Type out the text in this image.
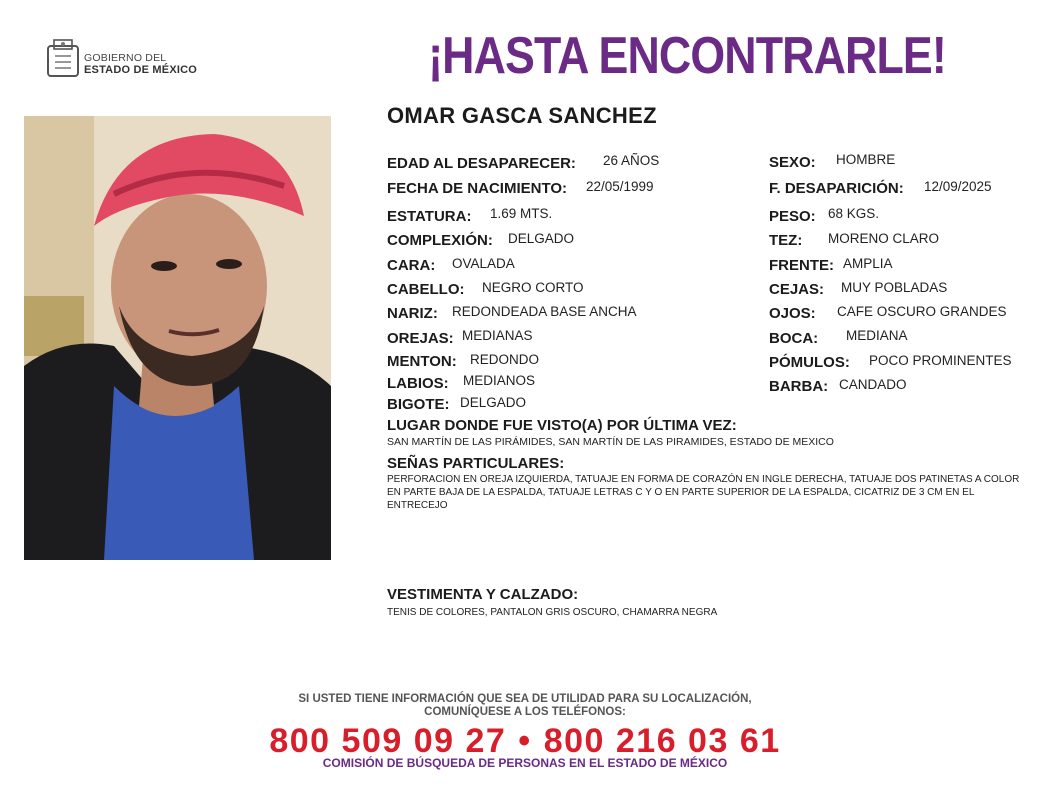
GOBIERNO DEL
ESTADO DE MÉXICO	¡HASTA ENCONTRARLE!
OMAR GASCA SANCHEZ
EDAD AL DESAPARECER: 26 AÑOS
FECHA DE NACIMIENTO: 22/05/1999
ESTATURA: 1.69 MTS.
COMPLEXIÓN: DELGADO
CARA: OVALADA
CABELLO: NEGRO CORTO
NARIZ: REDONDEADA BASE ANCHA
OREJAS: MEDIANAS
MENTON: REDONDO
LABIOS: MEDIANOS
BIGOTE: DELGADO
SEXO: HOMBRE
F. DESAPARICIÓN: 12/09/2025
PESO: 68 KGS.
TEZ: MORENO CLARO
FRENTE: AMPLIA
CEJAS: MUY POBLADAS
OJOS: CAFE OSCURO GRANDES
BOCA: MEDIANA
PÓMULOS: POCO PROMINENTES
BARBA: CANDADO
LUGAR DONDE FUE VISTO(A) POR ÚLTIMA VEZ:
SAN MARTÍN DE LAS PIRÁMIDES, SAN MARTÍN DE LAS PIRAMIDES, ESTADO DE MEXICO
SEÑAS PARTICULARES:
PERFORACION EN OREJA IZQUIERDA, TATUAJE EN FORMA DE CORAZÓN EN INGLE DERECHA, TATUAJE DOS PATINETAS A COLOR EN PARTE BAJA DE LA ESPALDA, TATUAJE LETRAS C Y O EN PARTE SUPERIOR DE LA ESPALDA, CICATRIZ DE 3 CM EN EL ENTRECEJO
VESTIMENTA Y CALZADO:
TENIS DE COLORES, PANTALON GRIS OSCURO, CHAMARRA NEGRA
SI USTED TIENE INFORMACIÓN QUE SEA DE UTILIDAD PARA SU LOCALIZACIÓN,
COMUNÍQUESE A LOS TELÉFONOS:
800 509 09 27 • 800 216 03 61
COMISIÓN DE BÚSQUEDA DE PERSONAS EN EL ESTADO DE MÉXICO
